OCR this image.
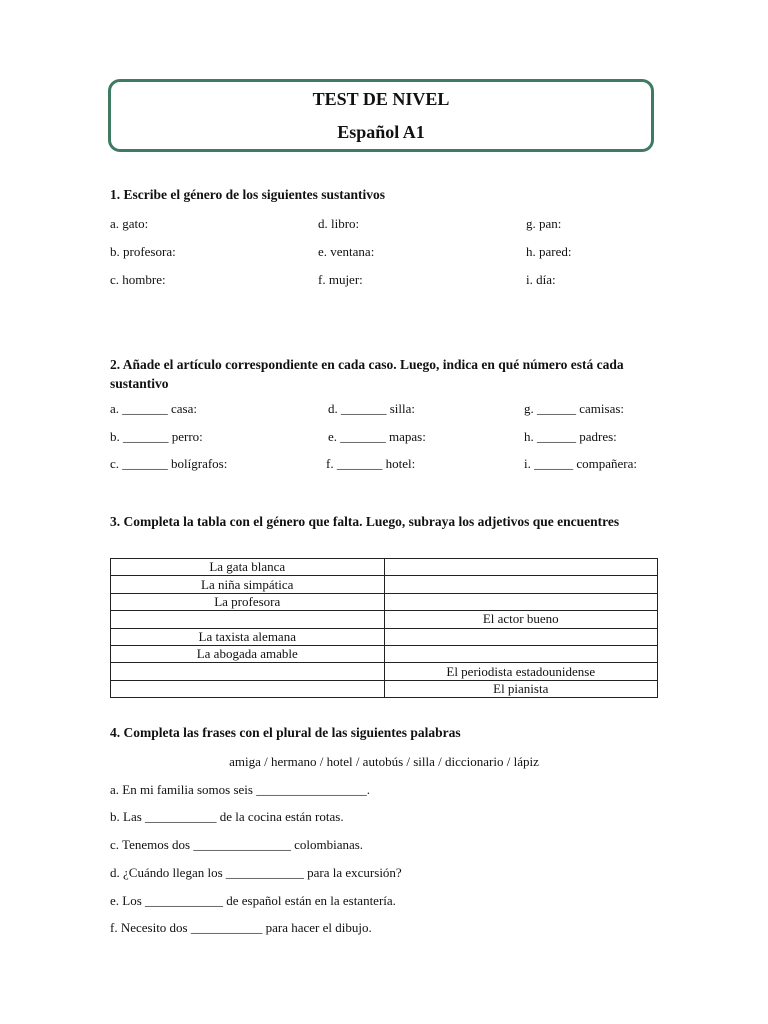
TEST DE NIVEL
Español A1
1. Escribe el género de los siguientes sustantivos
a. gato:	d. libro:	g. pan:
b. profesora:	e. ventana:	h. pared:
c. hombre:	f. mujer:	i. día:
2. Añade el artículo correspondiente en cada caso. Luego, indica en qué número está cada sustantivo
a. _______ casa:	d. _______ silla:	g. ______ camisas:
b. _______ perro:	e. _______ mapas:	h. ______ padres:
c. _______ bolígrafos:	f. _______ hotel:	i. ______ compañera:
3. Completa la tabla con el género que falta. Luego, subraya los adjetivos que encuentres
La gata blanca	
La niña simpática	
La profesora	
	El actor bueno
La taxista alemana	
La abogada amable	
	El periodista estadounidense
	El pianista
4. Completa las frases con el plural de las siguientes palabras
amiga / hermano / hotel / autobús / silla / diccionario / lápiz
a. En mi familia somos seis _________________.
b. Las ___________ de la cocina están rotas.
c. Tenemos dos _______________ colombianas.
d. ¿Cuándo llegan los ____________ para la excursión?
e. Los ____________ de español están en la estantería.
f. Necesito dos ___________ para hacer el dibujo.
